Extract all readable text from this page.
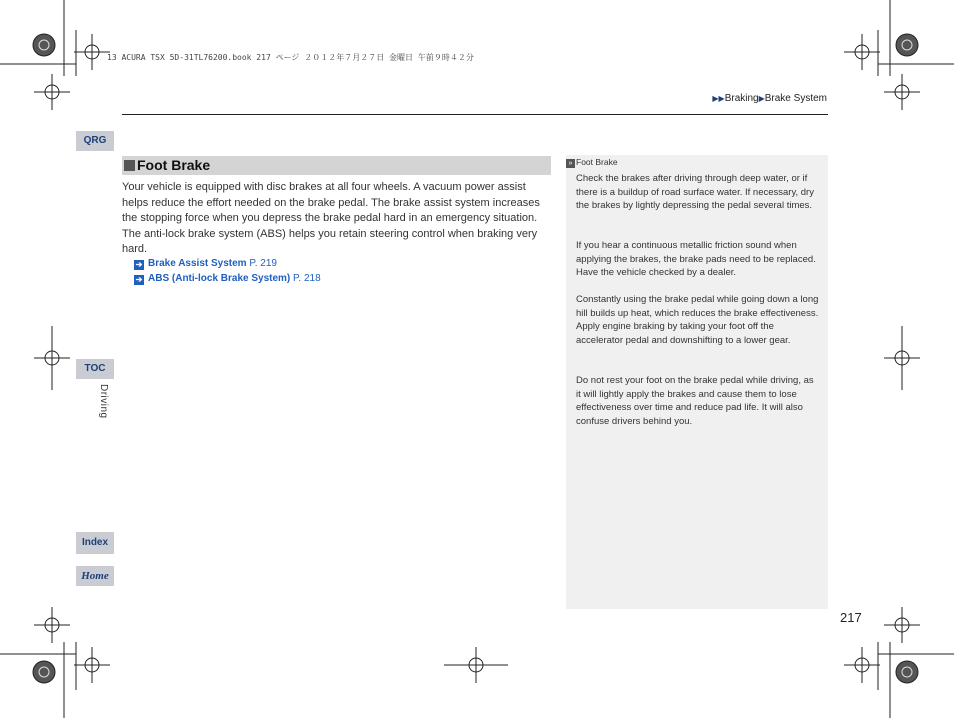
13 ACURA TSX 5D-31TL76200.book 217 ページ ２０１２年７月２７日 金曜日 午前９時４２分
▶▶Braking▶Brake System
QRG
TOC
Driving
Index
Home
Foot Brake
Your vehicle is equipped with disc brakes at all four wheels. A vacuum power assist helps reduce the effort needed on the brake pedal. The brake assist system increases the stopping force when you depress the brake pedal hard in an emergency situation. The anti-lock brake system (ABS) helps you retain steering control when braking very hard.
➔ Brake Assist System P. 219
➔ ABS (Anti-lock Brake System) P. 218
» Foot Brake

Check the brakes after driving through deep water, or if there is a buildup of road surface water. If necessary, dry the brakes by lightly depressing the pedal several times.

If you hear a continuous metallic friction sound when applying the brakes, the brake pads need to be replaced. Have the vehicle checked by a dealer.

Constantly using the brake pedal while going down a long hill builds up heat, which reduces the brake effectiveness. Apply engine braking by taking your foot off the accelerator pedal and downshifting to a lower gear.

Do not rest your foot on the brake pedal while driving, as it will lightly apply the brakes and cause them to lose effectiveness over time and reduce pad life. It will also confuse drivers behind you.

217
